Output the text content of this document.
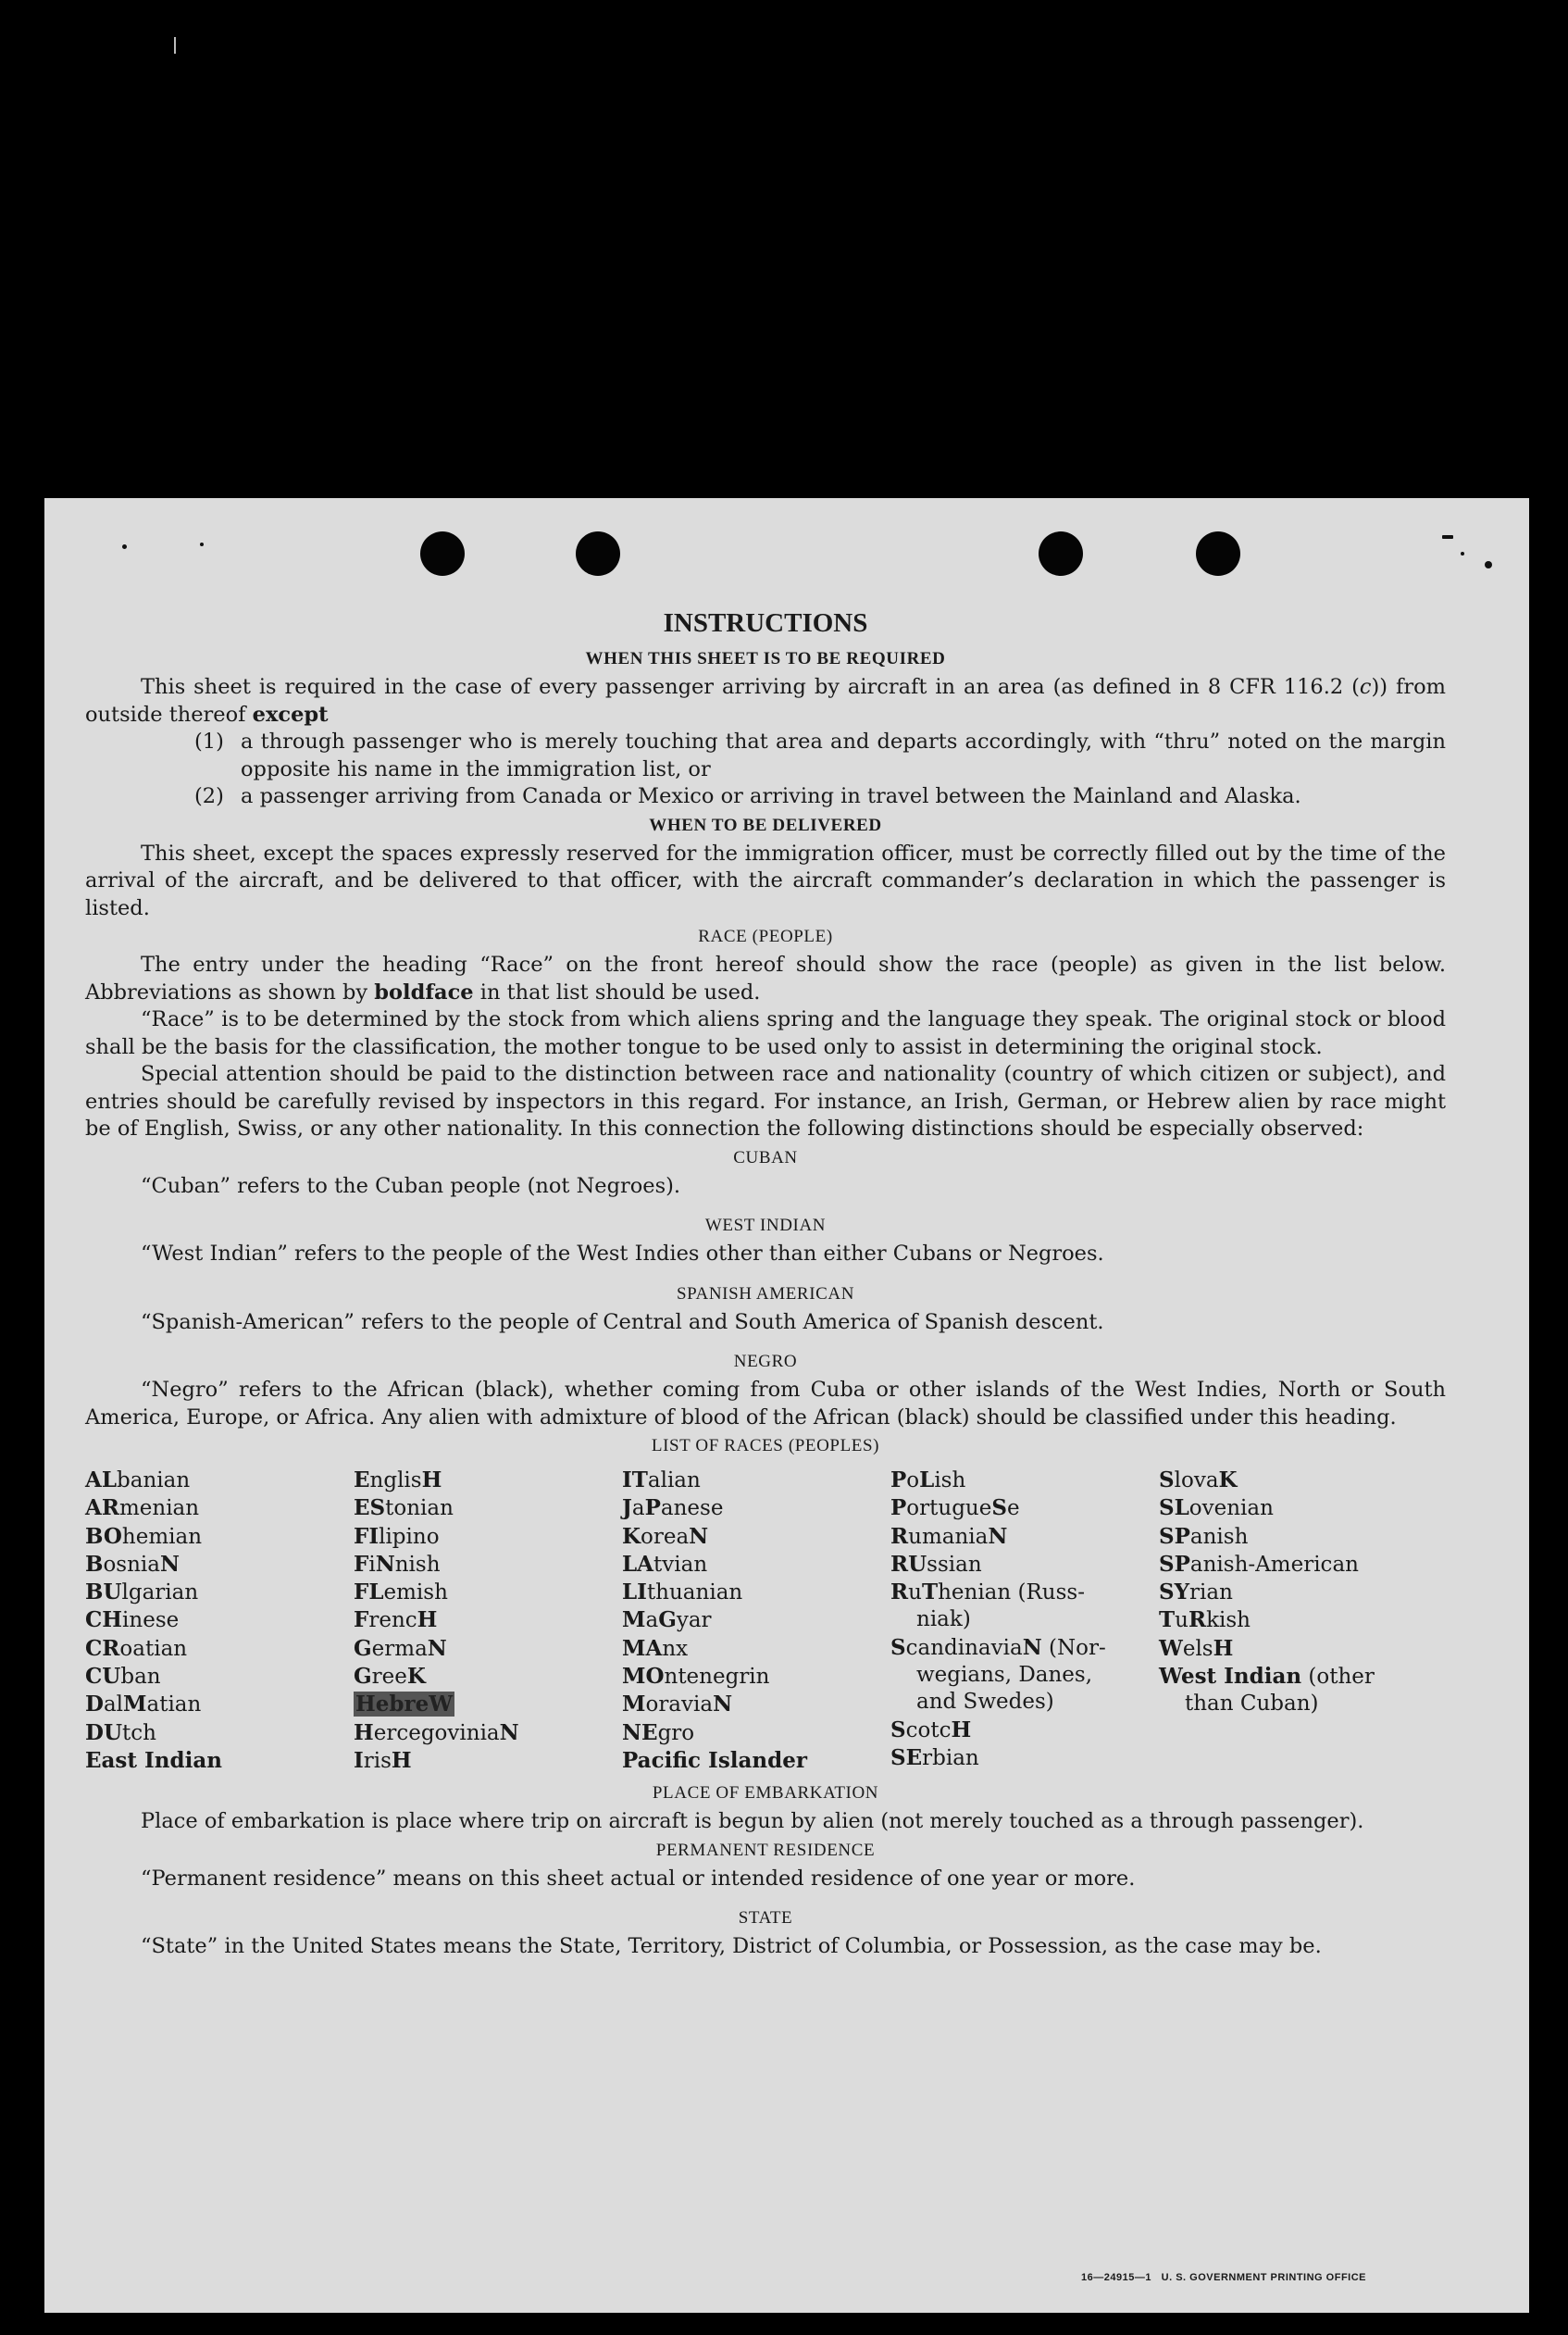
INSTRUCTIONS
WHEN THIS SHEET IS TO BE REQUIRED

This sheet is required in the case of every passenger arriving by aircraft in an area (as defined in 8 CFR 116.2 (c)) from outside thereof except

(1) a through passenger who is merely touching that area and departs accordingly, with “thru” noted on the margin opposite his name in the immigration list, or
(2) a passenger arriving from Canada or Mexico or arriving in travel between the Mainland and Alaska.
WHEN TO BE DELIVERED

This sheet, except the spaces expressly reserved for the immigration officer, must be correctly filled out by the time of the arrival of the aircraft, and be delivered to that officer, with the aircraft commander’s declaration in which the passenger is listed.

RACE (PEOPLE)

The entry under the heading “Race” on the front hereof should show the race (people) as given in the list below. Abbreviations as shown by boldface in that list should be used.

“Race” is to be determined by the stock from which aliens spring and the language they speak. The original stock or blood shall be the basis for the classification, the mother tongue to be used only to assist in determining the original stock.

Special attention should be paid to the distinction between race and nationality (country of which citizen or subject), and entries should be carefully revised by inspectors in this regard. For instance, an Irish, German, or Hebrew alien by race might be of English, Swiss, or any other nationality. In this connection the following distinctions should be especially observed:

CUBAN

“Cuban” refers to the Cuban people (not Negroes).

WEST INDIAN

“West Indian” refers to the people of the West Indies other than either Cubans or Negroes.

SPANISH AMERICAN

“Spanish-American” refers to the people of Central and South America of Spanish descent.

NEGRO

“Negro” refers to the African (black), whether coming from Cuba or other islands of the West Indies, North or South America, Europe, or Africa. Any alien with admixture of blood of the African (black) should be classified under this heading.

LIST OF RACES (PEOPLES)
ALbanian
ARmenian
BOhemian
BosniaN
BUlgarian
CHinese
CRoatian
CUban
DalMatian
DUtch
East Indian
EnglisH
EStonian
FIlipino
FiNnish
FLemish
FrencH
GermaN
GreeK
HebreW
HercegoviniaN
IrisH
ITalian
JaPanese
KoreaN
LAtvian
LIthuanian
MaGyar
MAnx
MOntenegrin
MoraviaN
NEgro
Pacific Islander
PoLish
PortugueSe
RumaniaN
RUssian
RuThenian (Russ-
niak)
ScandinaviaN (Nor-
wegians, Danes,
and Swedes)
ScotcH
SErbian
SlovaK
SLovenian
SPanish
SPanish-American
SYrian
TuRkish
WelsH
West Indian (other
than Cuban)
PLACE OF EMBARKATION

Place of embarkation is place where trip on aircraft is begun by alien (not merely touched as a through passenger).

PERMANENT RESIDENCE

“Permanent residence” means on this sheet actual or intended residence of one year or more.

STATE

“State” in the United States means the State, Territory, District of Columbia, or Possession, as the case may be.

16—24915—1 U. S. GOVERNMENT PRINTING OFFICE
